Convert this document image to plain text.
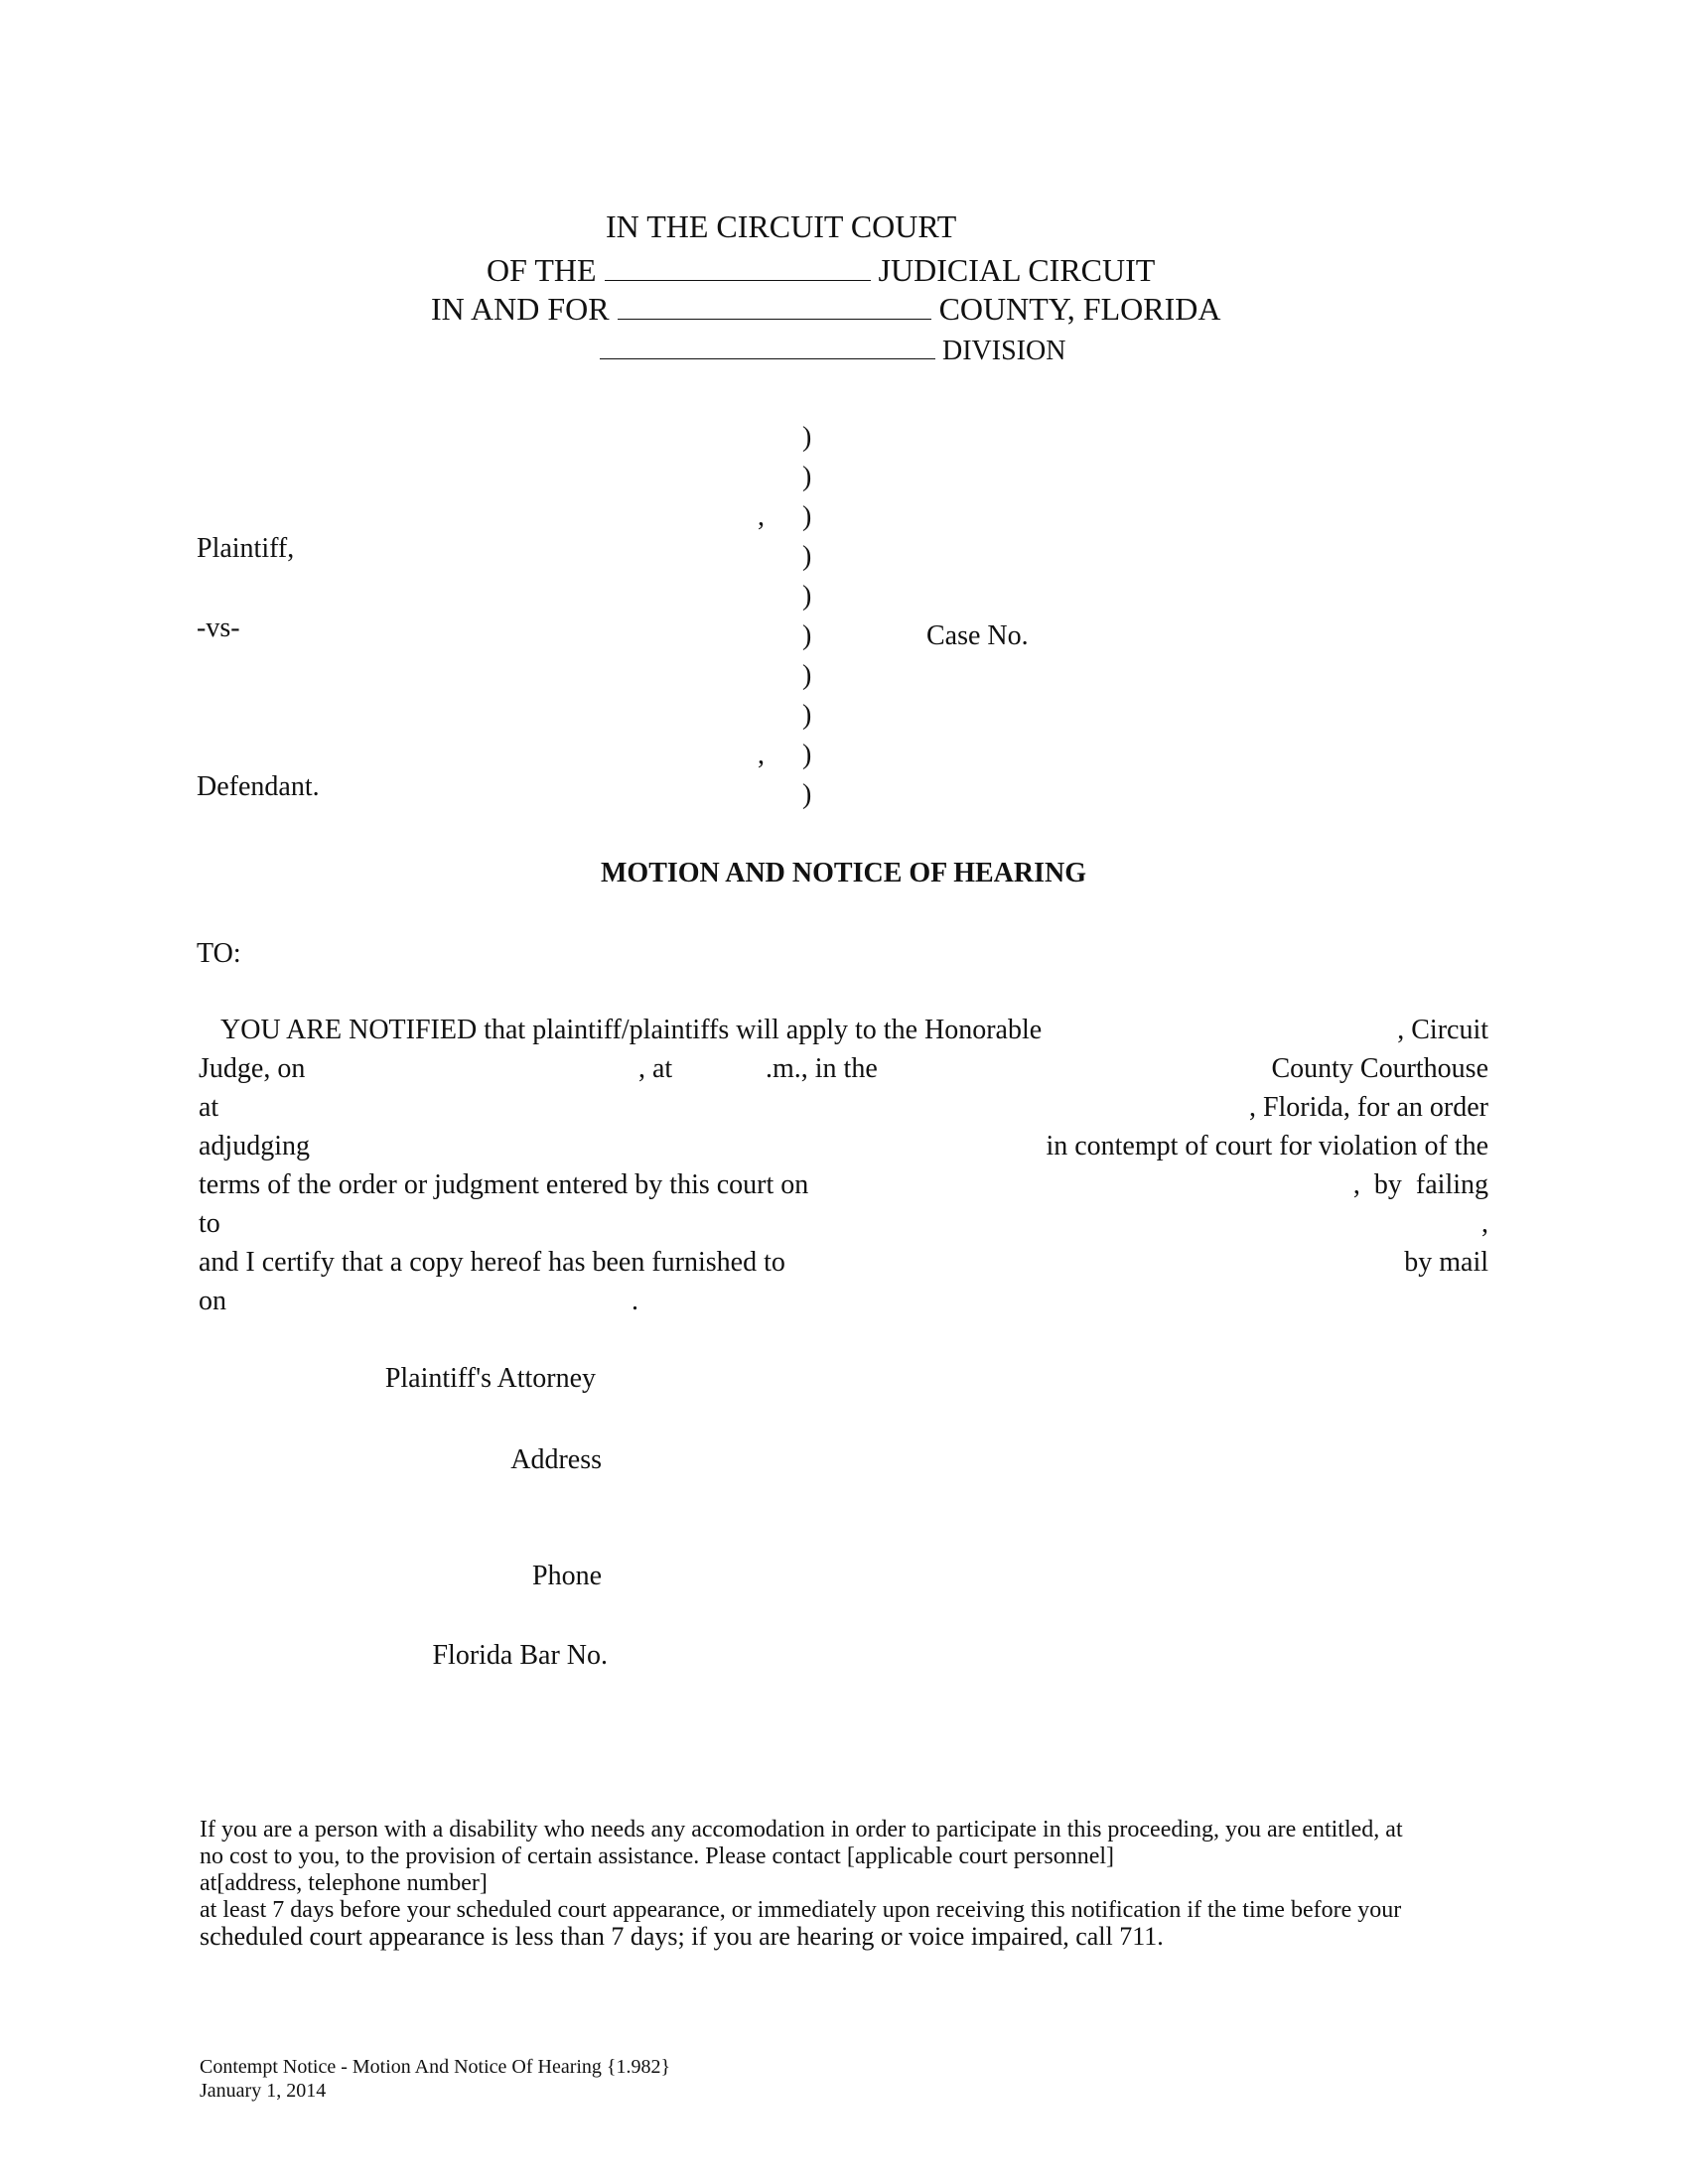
IN THE CIRCUIT COURT
OF THE	JUDICIAL CIRCUIT
IN AND FOR	COUNTY, FLORIDA
DIVISION
)
)
)
)
)
)
)
)
)
)
,
,
Plaintiff,
-vs-
Defendant.
Case No.
MOTION AND NOTICE OF HEARING
TO:
YOU ARE NOTIFIED that plaintiff/plaintiffs will apply to the Honorable	, Circuit
Judge, on	, at	.m., in the	County Courthouse
at	, Florida, for an order
adjudging	in contempt of court for violation of the
terms of the order or judgment entered by this court on	,  by  failing
to	,
and I certify that a copy hereof has been furnished to	by mail
on	.
Plaintiff's Attorney
Address
Phone
Florida Bar No.
If you are a person with a disability who needs any accomodation in order to participate in this proceeding, you are entitled, at
no cost to you, to the provision of certain assistance. Please contact [applicable court personnel]
at[address, telephone number]
at least 7 days before your scheduled court appearance, or immediately upon receiving this notification if the time before your
scheduled court appearance is less than 7 days; if you are hearing or voice impaired, call 711.
Contempt Notice - Motion And Notice Of Hearing {1.982}
January 1, 2014
